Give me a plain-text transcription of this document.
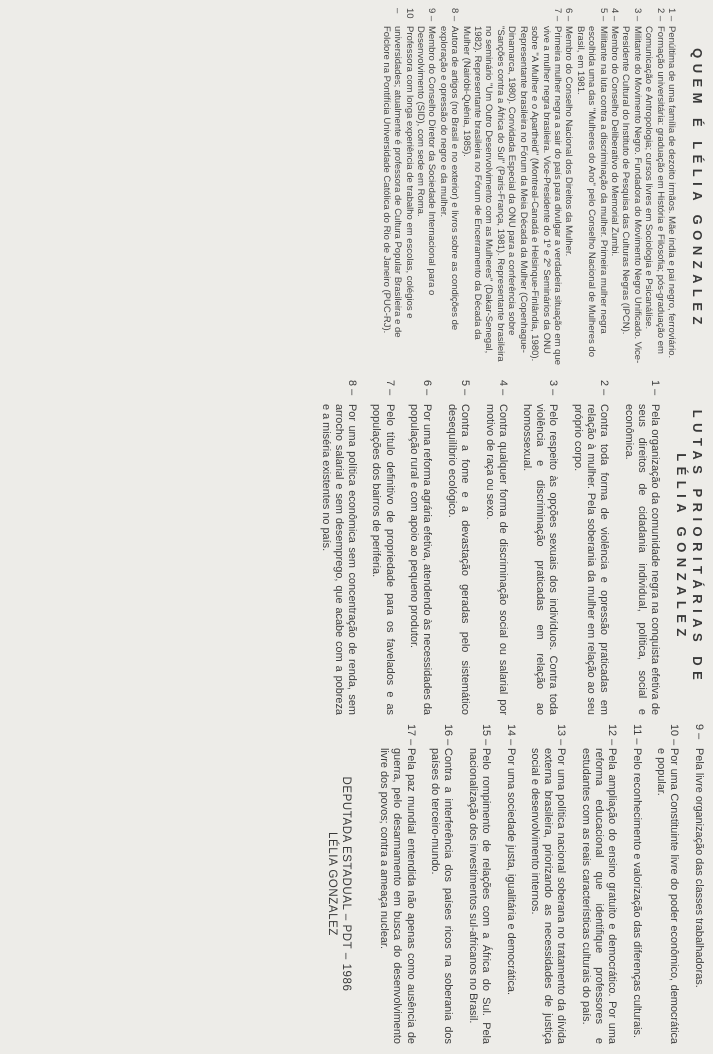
QUEM É LÉLIA GONZALEZ
1 –
Penúltima de uma família de dezoito irmãos. Mãe índia e pai negro, ferroviário.
2 –
Formação universitária: graduação em História e Filosofia; pós-graduação em Comunicação e Antropologia; cursos livres em Sociologia e Psicanálise.
3 –
Militante do Movimento Negro. Fundadora do Movimento Negro Unificado. Vice-Presidente Cultural do Instituto de Pesquisa das Culturas Negras (IPCN).
4 –
Membro do Conselho Deliberativo do Memorial Zumbi.
5 –
Militante na luta contra a discriminação da mulher. Primeira mulher negra escolhida uma das "Mulheres do Ano" pelo Conselho Nacional de Mulheres do Brasil, em 1981.
6 –
Membro do Conselho Nacional dos Direitos da Mulher.
7 –
Primeira mulher negra a sair do país para divulgar a verdadeira situação em que vive a mulher negra brasileira. Vice-Presidente do 1º e 2º Seminários da ONU sobre "A Mulher e o Apartheid" (Montreal-Canadá e Helsinque-Finlândia, 1980). Representante brasileira no Fórum da Meia Década da Mulher (Copenhague-Dinamarca, 1980). Convidada Especial da ONU para a conferência sobre "Sanções contra a África do Sul" (Paris-França, 1981). Representante brasileira no seminário "Um Outro Desenvolvimento com as Mulheres" (Dakar-Senegal, 1982). Representante brasileira no Fórum de Encerramento da Década da Mulher (Nairóbi-Quênia, 1985).
8 –
Autora de artigos (no Brasil e no exterior) e livros sobre as condições de exploração e opressão do negro e da mulher.
9 –
Membro do Conselho Diretor da Sociedade Internacional para o Desenvolvimento (SID), com sede em Roma.
10 –
Professora com longa experiência de trabalho em escolas, colégios e universidades; atualmente é professora de Cultura Popular Brasileira e de Folclore na Pontifícia Universidade Católica do Rio de Janeiro (PUC-RJ).
LUTAS PRIORITÁRIAS DE
LÉLIA GONZALEZ
1 –
Pela organização da comunidade negra na conquista efetiva de seus direitos de cidadania individual, política, social e econômica.
2 –
Contra toda forma de violência e opressão praticadas em relação à mulher. Pela soberania da mulher em relação ao seu próprio corpo.
3 –
Pelo respeito às opções sexuais dos indivíduos. Contra toda violência e discriminação praticadas em relação ao homossexual.
4 –
Contra qualquer forma de discriminação social ou salarial por motivo de raça ou sexo.
5 –
Contra a fome e a devastação geradas pelo sistemático desequilíbrio ecológico.
6 –
Por uma reforma agrária efetiva, atendendo às necessidades da população rural e com apoio ao pequeno produtor.
7 –
Pelo título definitivo de propriedade para os favelados e as populações dos bairros de periferia.
8 –
Por uma política econômica sem concentração de renda, sem arrocho salarial e sem desemprego, que acabe com a pobreza e a miséria existentes no país.
9 –
Pela livre organização das classes trabalhadoras.
10 –
Por uma Constituinte livre do poder econômico, democrática e popular.
11 –
Pelo reconhecimento e valorização das diferenças culturais.
12 –
Pela ampliação do ensino gratuito e democrático. Por uma reforma educacional que identifique professores e estudantes com as reais características culturais do país.
13 –
Por uma política nacional soberana no tratamento da dívida externa brasileira, priorizando as necessidades de justiça social e desenvolvimento internos.
14 –
Por uma sociedade justa, igualitária e democrática.
15 –
Pelo rompimento de relações com a África do Sul. Pela nacionalização dos investimentos sul-africanos no Brasil.
16 –
Contra a interferência dos países ricos na soberania dos países do terceiro-mundo.
17 –
Pela paz mundial entendida não apenas como ausência de guerra, pelo desarmamento em busca do desenvolvimento livre dos povos; contra a ameaça nuclear.
DEPUTADA ESTADUAL – PDT – 1986
LÉLIA GONZALEZ
